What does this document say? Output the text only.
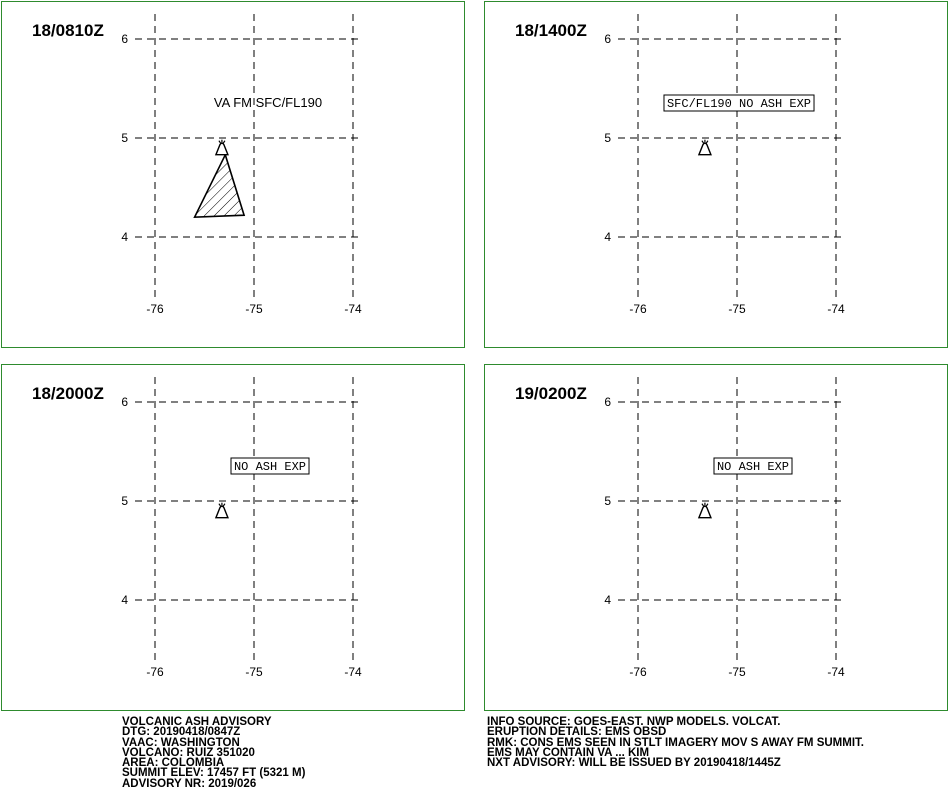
6
5
4
-76	-75	-74
18/0810Z
VA FM SFC/FL190
6
5
4
-76	-75	-74
18/1400Z
SFC/FL190 NO ASH EXP
6
5
4
-76	-75	-74
18/2000Z
NO ASH EXP
6
5
4
-76	-75	-74
19/0200Z
NO ASH EXP
VOLCANIC ASH ADVISORY
DTG: 20190418/0847Z
VAAC: WASHINGTON
VOLCANO: RUIZ 351020
AREA: COLOMBIA
SUMMIT ELEV: 17457 FT (5321 M)
ADVISORY NR: 2019/026
INFO SOURCE: GOES-EAST. NWP MODELS. VOLCAT.
ERUPTION DETAILS: EMS OBSD
RMK: CONS EMS SEEN IN STLT IMAGERY MOV S AWAY FM SUMMIT.
EMS MAY CONTAIN VA ... KIM
NXT ADVISORY: WILL BE ISSUED BY 20190418/1445Z
